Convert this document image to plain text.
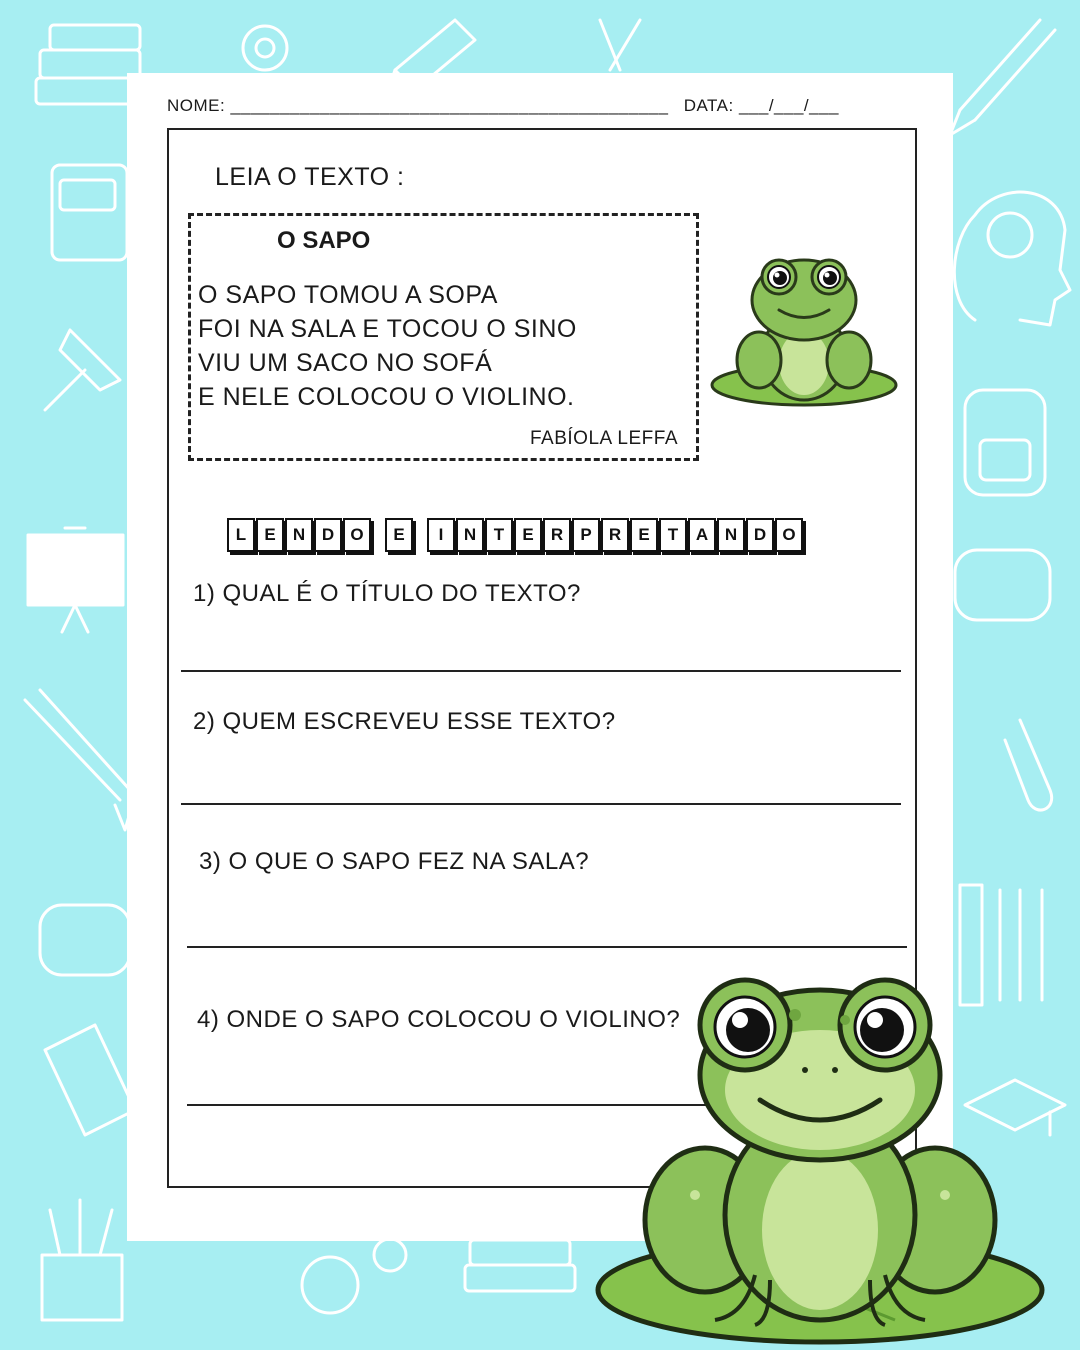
NOME: ____________________________________________ DATA: ___/___/___
LEIA O TEXTO :
O SAPO
O SAPO TOMOU A SOPA
FOI NA SALA E TOCOU O SINO
VIU UM SACO NO SOFÁ
E NELE COLOCOU O VIOLINO.
FABÍOLA LEFFA
L	E	N D O	E	I	N	T	E	R	P	R	E	T	A N D O
1) QUAL É O TÍTULO DO TEXTO?
2) QUEM ESCREVEU ESSE TEXTO?
3) O QUE O SAPO FEZ NA SALA?
4) ONDE O SAPO COLOCOU O VIOLINO?
